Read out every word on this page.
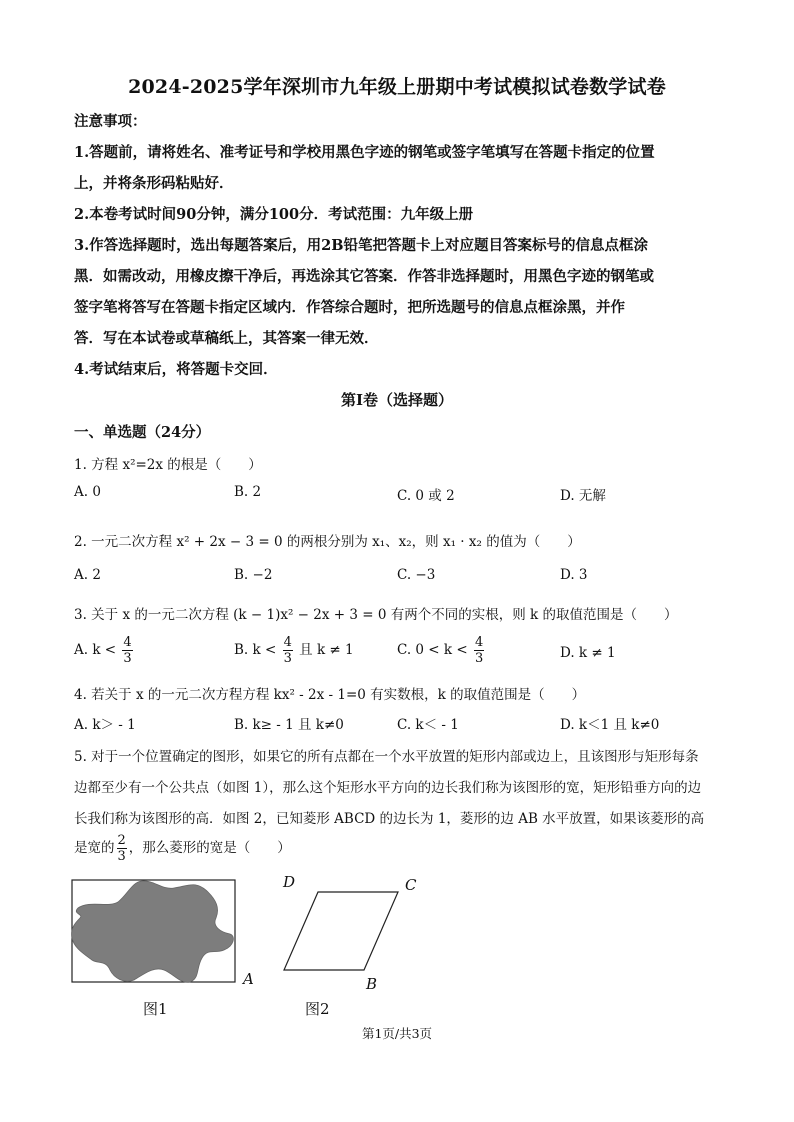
2024-2025学年深圳市九年级上册期中考试模拟试卷数学试卷
注意事项：
1.答题前，请将姓名、准考证号和学校用黑色字迹的钢笔或签字笔填写在答题卡指定的位置
上，并将条形码粘贴好．
2.本卷考试时间90分钟，满分100分．考试范围：九年级上册
3.作答选择题时，选出每题答案后，用2B铅笔把答题卡上对应题目答案标号的信息点框涂
黑．如需改动，用橡皮擦干净后，再选涂其它答案．作答非选择题时，用黑色字迹的钢笔或
签字笔将答写在答题卡指定区域内．作答综合题时，把所选题号的信息点框涂黑，并作
答．写在本试卷或草稿纸上，其答案一律无效．
4.考试结束后，将答题卡交回．
第Ⅰ卷（选择题）
一、单选题（24分）
1. 方程 x²=2x 的根是（　　）
A. 0	B. 2	C. 0 或 2	D. 无解
2. 一元二次方程 x² + 2x − 3 = 0 的两根分别为 x₁、x₂，则 x₁ · x₂ 的值为（　　）
A. 2	B. −2	C. −3	D. 3
3. 关于 x 的一元二次方程 (k − 1)x² − 2x + 3 = 0 有两个不同的实根，则 k 的取值范围是（　　）
A. $k < \frac{4}{3}$	B. $k < \frac{4}{3}$ 且 k ≠ 1	C. $0 < k < \frac{4}{3}$	D. k ≠ 1
4. 若关于 x 的一元二次方程方程 kx² - 2x - 1=0 有实数根，k 的取值范围是（　　）
A. k＞ - 1	B. k≥ - 1 且 k≠0	C. k＜ - 1	D. k＜1 且 k≠0
5. 对于一个位置确定的图形，如果它的所有点都在一个水平放置的矩形内部或边上，且该图形与矩形每条
边都至少有一个公共点（如图 1），那么这个矩形水平方向的边长我们称为该图形的宽，矩形铅垂方向的边
长我们称为该图形的高．如图 2，已知菱形 ABCD 的边长为 1，菱形的边 AB 水平放置，如果该菱形的高
是宽的 $\frac{2}{3}$ ，那么菱形的宽是（　　）
图1
A	B
C
D
图2
第1页/共3页
